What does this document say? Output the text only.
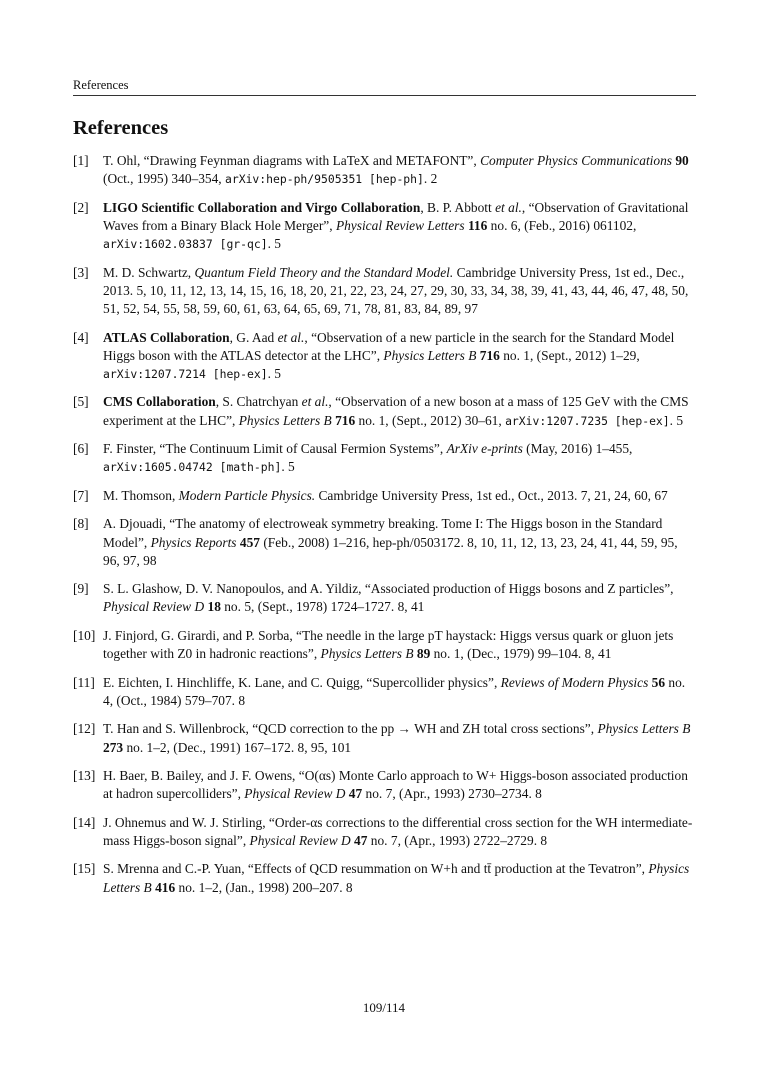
References
References
[1]	T. Ohl, “Drawing Feynman diagrams with LaTeX and METAFONT”, Computer Physics Communications 90 (Oct., 1995) 340–354, arXiv:hep-ph/9505351 [hep-ph]. 2
[2]	LIGO Scientific Collaboration and Virgo Collaboration, B. P. Abbott et al., “Observation of Gravitational Waves from a Binary Black Hole Merger”, Physical Review Letters 116 no. 6, (Feb., 2016) 061102, arXiv:1602.03837 [gr-qc]. 5
[3]	M. D. Schwartz, Quantum Field Theory and the Standard Model. Cambridge University Press, 1st ed., Dec., 2013. 5, 10, 11, 12, 13, 14, 15, 16, 18, 20, 21, 22, 23, 24, 27, 29, 30, 33, 34, 38, 39, 41, 43, 44, 46, 47, 48, 50, 51, 52, 54, 55, 58, 59, 60, 61, 63, 64, 65, 69, 71, 78, 81, 83, 84, 89, 97
[4]	ATLAS Collaboration, G. Aad et al., “Observation of a new particle in the search for the Standard Model Higgs boson with the ATLAS detector at the LHC”, Physics Letters B 716 no. 1, (Sept., 2012) 1–29, arXiv:1207.7214 [hep-ex]. 5
[5]	CMS Collaboration, S. Chatrchyan et al., “Observation of a new boson at a mass of 125 GeV with the CMS experiment at the LHC”, Physics Letters B 716 no. 1, (Sept., 2012) 30–61, arXiv:1207.7235 [hep-ex]. 5
[6]	F. Finster, “The Continuum Limit of Causal Fermion Systems”, ArXiv e-prints (May, 2016) 1–455, arXiv:1605.04742 [math-ph]. 5
[7]	M. Thomson, Modern Particle Physics. Cambridge University Press, 1st ed., Oct., 2013. 7, 21, 24, 60, 67
[8]	A. Djouadi, “The anatomy of electroweak symmetry breaking. Tome I: The Higgs boson in the Standard Model”, Physics Reports 457 (Feb., 2008) 1–216, hep-ph/0503172. 8, 10, 11, 12, 13, 23, 24, 41, 44, 59, 95, 96, 97, 98
[9]	S. L. Glashow, D. V. Nanopoulos, and A. Yildiz, “Associated production of Higgs bosons and Z particles”, Physical Review D 18 no. 5, (Sept., 1978) 1724–1727. 8, 41
[10] J. Finjord, G. Girardi, and P. Sorba, “The needle in the large pT haystack: Higgs versus quark or gluon jets together with Z0 in hadronic reactions”, Physics Letters B 89 no. 1, (Dec., 1979) 99–104. 8, 41
[11] E. Eichten, I. Hinchliffe, K. Lane, and C. Quigg, “Supercollider physics”, Reviews of Modern Physics 56 no. 4, (Oct., 1984) 579–707. 8
[12] T. Han and S. Willenbrock, “QCD correction to the pp → WH and ZH total cross sections”, Physics Letters B 273 no. 1–2, (Dec., 1991) 167–172. 8, 95, 101
[13] H. Baer, B. Bailey, and J. F. Owens, “O(αs) Monte Carlo approach to W+ Higgs-boson associated production at hadron supercolliders”, Physical Review D 47 no. 7, (Apr., 1993) 2730–2734. 8
[14] J. Ohnemus and W. J. Stirling, “Order-αs corrections to the differential cross section for the WH intermediate-mass Higgs-boson signal”, Physical Review D 47 no. 7, (Apr., 1993) 2722–2729. 8
[15] S. Mrenna and C.-P. Yuan, “Effects of QCD resummation on W+h and tt̄ production at the Tevatron”, Physics Letters B 416 no. 1–2, (Jan., 1998) 200–207. 8
109/114
